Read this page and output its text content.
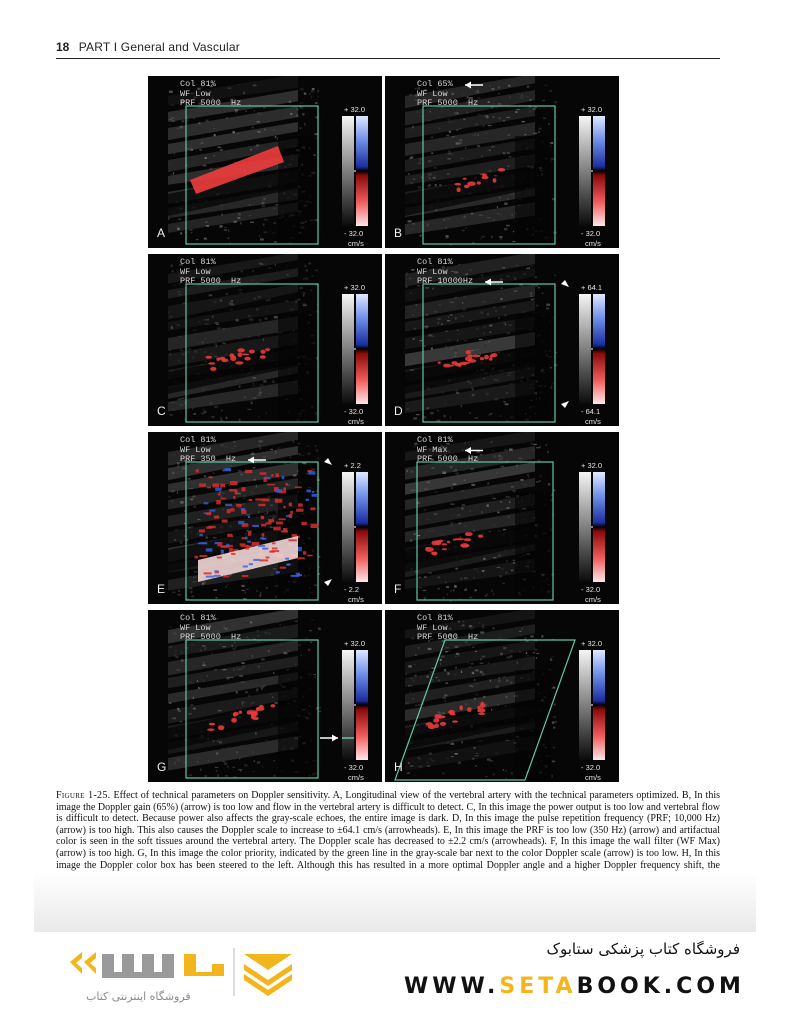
18 PART I General and Vascular
+ 32.0
- 32.0
cm/s
Col 81%
WF Low
PRF 5000  Hz
A
+ 32.0
- 32.0
cm/s
Col 65%
WF Low
PRF 5000  Hz
B
+ 32.0
- 32.0
cm/s
Col 81%
WF Low
PRF 5000  Hz
C
+ 64.1
- 64.1
cm/s
Col 81%
WF Low
PRF 10000Hz
D
+ 2.2
- 2.2
cm/s
Col 81%
WF Low
PRF 350  Hz
E
+ 32.0
- 32.0
cm/s
Col 81%
WF Max
PRF 5000  Hz
F
+ 32.0
- 32.0
cm/s
Col 81%
WF Low
PRF 5000  Hz
G
+ 32.0
- 32.0
cm/s
Col 81%
WF Low
PRF 5000  Hz
H
Figure 1-25. Effect of technical parameters on Doppler sensitivity. A, Longitudinal view of the vertebral artery with the technical parameters optimized. B, In this image the Doppler gain (65%) (arrow) is too low and flow in the vertebral artery is difficult to detect. C, In this image the power output is too low and vertebral flow is difficult to detect. Because power also affects the gray-scale echoes, the entire image is dark. D, In this image the pulse repetition frequency (PRF; 10,000 Hz) (arrow) is too high. This also causes the Doppler scale to increase to ±64.1 cm/s (arrowheads). E, In this image the PRF is too low (350 Hz) (arrow) and artifactual color is seen in the soft tissues around the vertebral artery. The Doppler scale has decreased to ±2.2 cm/s (arrowheads). F, In this image the wall filter (WF Max) (arrow) is too high. G, In this image the color priority, indicated by the green line in the gray-scale bar next to the color Doppler scale (arrow) is too low. H, In this image the Doppler color box has been steered to the left. Although this has resulted in a more optimal Doppler angle and a higher Doppler frequency shift, the
فروشگاه اینترنتی کتاب
فروشگاه کتاب پزشکی ستابوک
WWW.SETABOOK.COM
